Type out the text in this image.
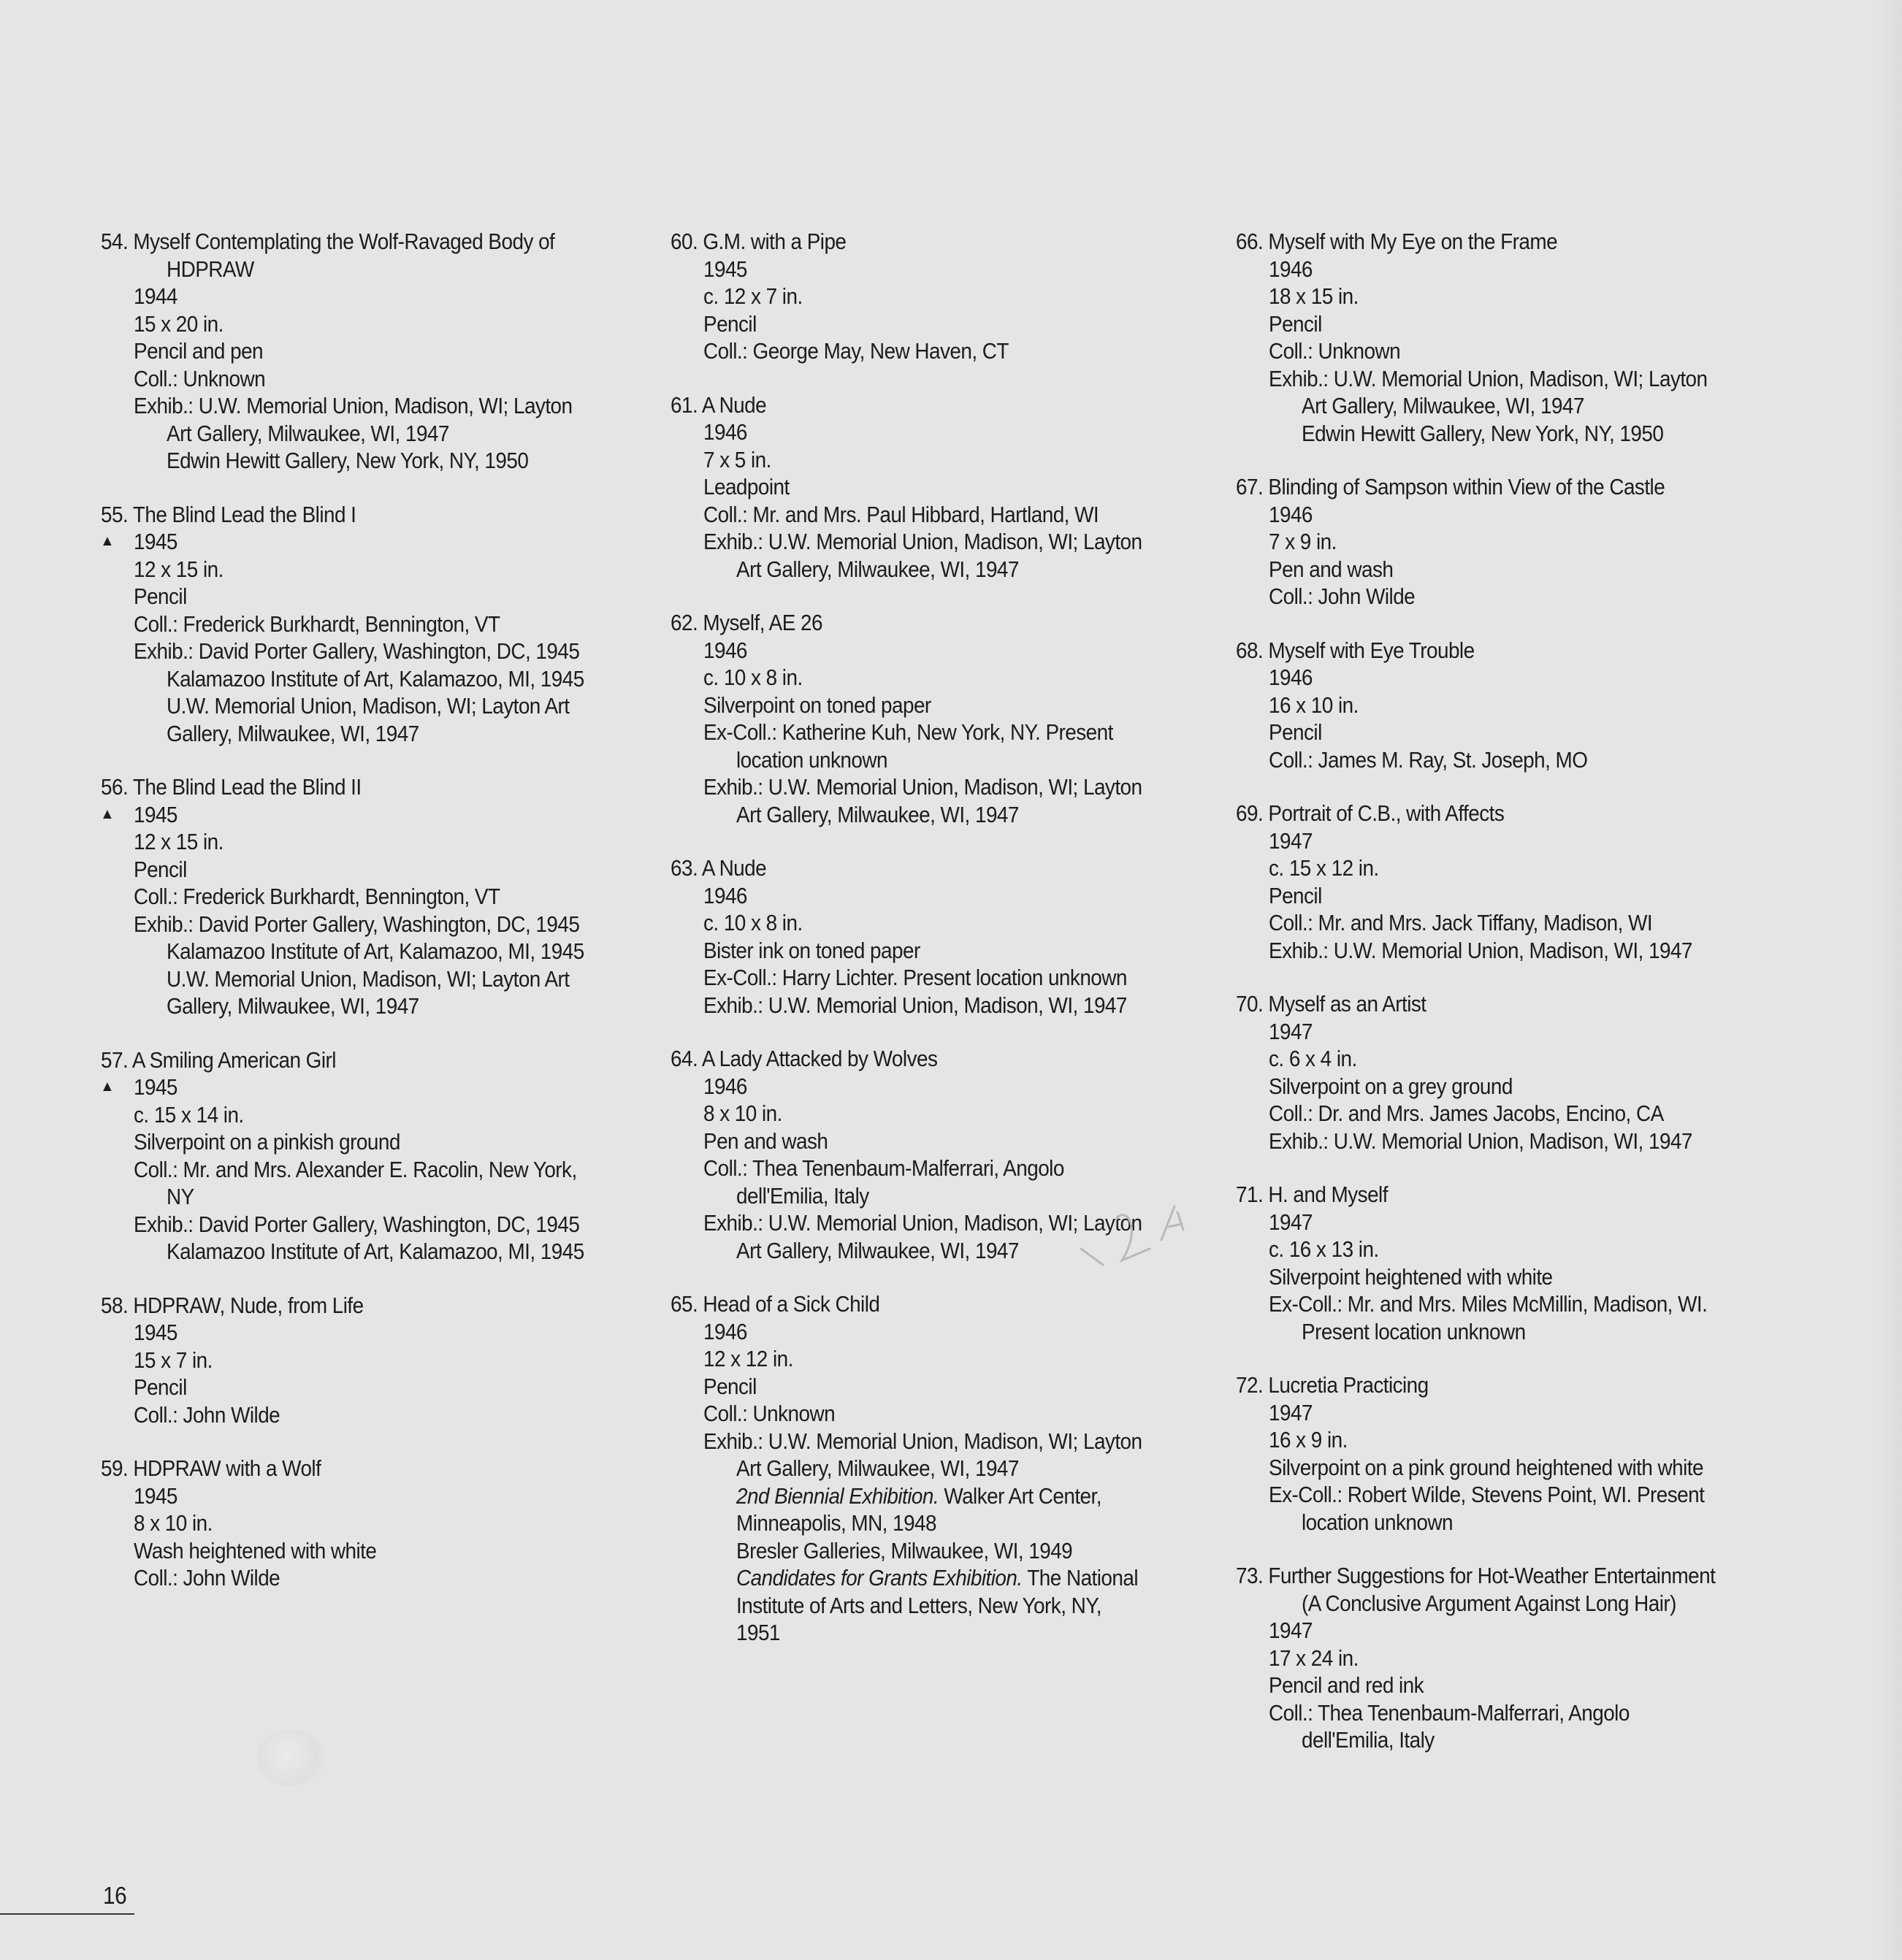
54. Myself Contemplating the Wolf-Ravaged Body of
HDPRAW
1944
15 x 20 in.
Pencil and pen
Coll.: Unknown
Exhib.: U.W. Memorial Union, Madison, WI; Layton
Art Gallery, Milwaukee, WI, 1947
Edwin Hewitt Gallery, New York, NY, 1950
55. The Blind Lead the Blind I
▲ 1945
12 x 15 in.
Pencil
Coll.: Frederick Burkhardt, Bennington, VT
Exhib.: David Porter Gallery, Washington, DC, 1945
Kalamazoo Institute of Art, Kalamazoo, MI, 1945
U.W. Memorial Union, Madison, WI; Layton Art
Gallery, Milwaukee, WI, 1947
56. The Blind Lead the Blind II
▲ 1945
12 x 15 in.
Pencil
Coll.: Frederick Burkhardt, Bennington, VT
Exhib.: David Porter Gallery, Washington, DC, 1945
Kalamazoo Institute of Art, Kalamazoo, MI, 1945
U.W. Memorial Union, Madison, WI; Layton Art
Gallery, Milwaukee, WI, 1947
57. A Smiling American Girl
▲ 1945
c. 15 x 14 in.
Silverpoint on a pinkish ground
Coll.: Mr. and Mrs. Alexander E. Racolin, New York,
NY
Exhib.: David Porter Gallery, Washington, DC, 1945
Kalamazoo Institute of Art, Kalamazoo, MI, 1945
58. HDPRAW, Nude, from Life
1945
15 x 7 in.
Pencil
Coll.: John Wilde
59. HDPRAW with a Wolf
1945
8 x 10 in.
Wash heightened with white
Coll.: John Wilde
60. G.M. with a Pipe
1945
c. 12 x 7 in.
Pencil
Coll.: George May, New Haven, CT
61. A Nude
1946
7 x 5 in.
Leadpoint
Coll.: Mr. and Mrs. Paul Hibbard, Hartland, WI
Exhib.: U.W. Memorial Union, Madison, WI; Layton
Art Gallery, Milwaukee, WI, 1947
62. Myself, AE 26
1946
c. 10 x 8 in.
Silverpoint on toned paper
Ex-Coll.: Katherine Kuh, New York, NY. Present
location unknown
Exhib.: U.W. Memorial Union, Madison, WI; Layton
Art Gallery, Milwaukee, WI, 1947
63. A Nude
1946
c. 10 x 8 in.
Bister ink on toned paper
Ex-Coll.: Harry Lichter. Present location unknown
Exhib.: U.W. Memorial Union, Madison, WI, 1947
64. A Lady Attacked by Wolves
1946
8 x 10 in.
Pen and wash
Coll.: Thea Tenenbaum-Malferrari, Angolo
dell'Emilia, Italy
Exhib.: U.W. Memorial Union, Madison, WI; Layton
Art Gallery, Milwaukee, WI, 1947
65. Head of a Sick Child
1946
12 x 12 in.
Pencil
Coll.: Unknown
Exhib.: U.W. Memorial Union, Madison, WI; Layton
Art Gallery, Milwaukee, WI, 1947
2nd Biennial Exhibition. Walker Art Center,
Minneapolis, MN, 1948
Bresler Galleries, Milwaukee, WI, 1949
Candidates for Grants Exhibition. The National
Institute of Arts and Letters, New York, NY,
1951
66. Myself with My Eye on the Frame
1946
18 x 15 in.
Pencil
Coll.: Unknown
Exhib.: U.W. Memorial Union, Madison, WI; Layton
Art Gallery, Milwaukee, WI, 1947
Edwin Hewitt Gallery, New York, NY, 1950
67. Blinding of Sampson within View of the Castle
1946
7 x 9 in.
Pen and wash
Coll.: John Wilde
68. Myself with Eye Trouble
1946
16 x 10 in.
Pencil
Coll.: James M. Ray, St. Joseph, MO
69. Portrait of C.B., with Affects
1947
c. 15 x 12 in.
Pencil
Coll.: Mr. and Mrs. Jack Tiffany, Madison, WI
Exhib.: U.W. Memorial Union, Madison, WI, 1947
70. Myself as an Artist
1947
c. 6 x 4 in.
Silverpoint on a grey ground
Coll.: Dr. and Mrs. James Jacobs, Encino, CA
Exhib.: U.W. Memorial Union, Madison, WI, 1947
71. H. and Myself
1947
c. 16 x 13 in.
Silverpoint heightened with white
Ex-Coll.: Mr. and Mrs. Miles McMillin, Madison, WI.
Present location unknown
72. Lucretia Practicing
1947
16 x 9 in.
Silverpoint on a pink ground heightened with white
Ex-Coll.: Robert Wilde, Stevens Point, WI. Present
location unknown
73. Further Suggestions for Hot-Weather Entertainment
(A Conclusive Argument Against Long Hair)
1947
17 x 24 in.
Pencil and red ink
Coll.: Thea Tenenbaum-Malferrari, Angolo
dell'Emilia, Italy
16
